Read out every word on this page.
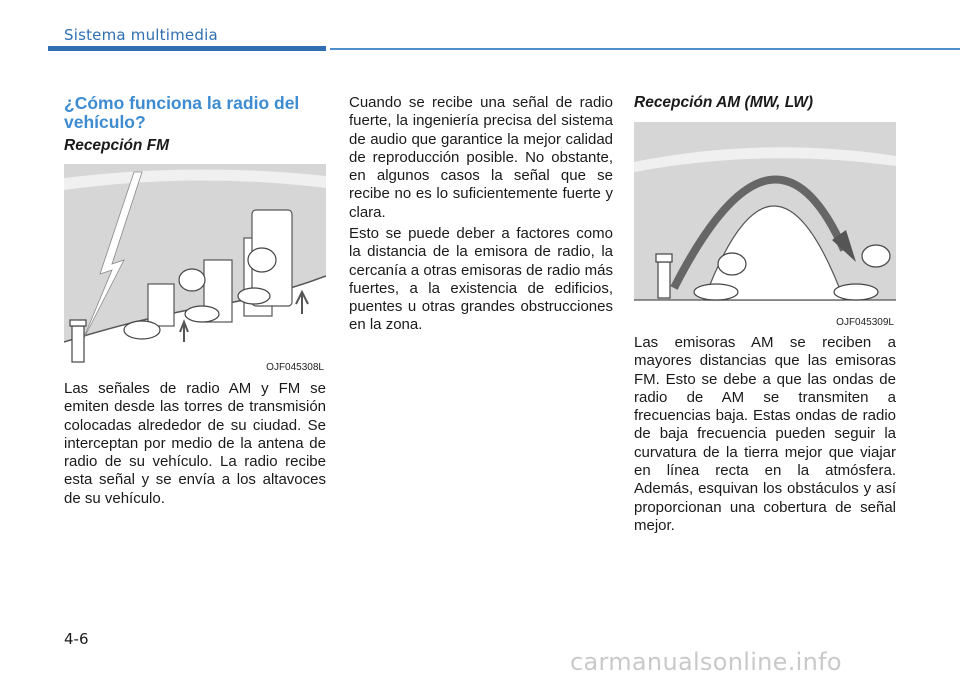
Sistema multimedia
¿Cómo funciona la radio del vehículo?
Recepción FM
OJF045308L

Las señales de radio AM y FM se emiten desde las torres de transmisión colocadas alrededor de su ciudad. Se interceptan por medio de la antena de radio de su vehículo. La radio recibe esta señal y se envía a los altavoces de su vehículo.

Cuando se recibe una señal de radio fuerte, la ingeniería precisa del sistema de audio que garantice la mejor calidad de reproducción posible. No obstante, en algunos casos la señal que se recibe no es lo suficientemente fuerte y clara.

Esto se puede deber a factores como la distancia de la emisora de radio, la cercanía a otras emisoras de radio más fuertes, a la existencia de edificios, puentes u otras grandes obstrucciones en la zona.

Recepción AM (MW, LW)
OJF045309L

Las emisoras AM se reciben a mayores distancias que las emisoras FM. Esto se debe a que las ondas de radio de AM se transmiten a frecuencias baja. Estas ondas de radio de baja frecuencia pueden seguir la curvatura de la tierra mejor que viajar en línea recta en la atmósfera. Además, esquivan los obstáculos y así proporcionan una cobertura de señal mejor.

4-6
carmanualsonline.info
